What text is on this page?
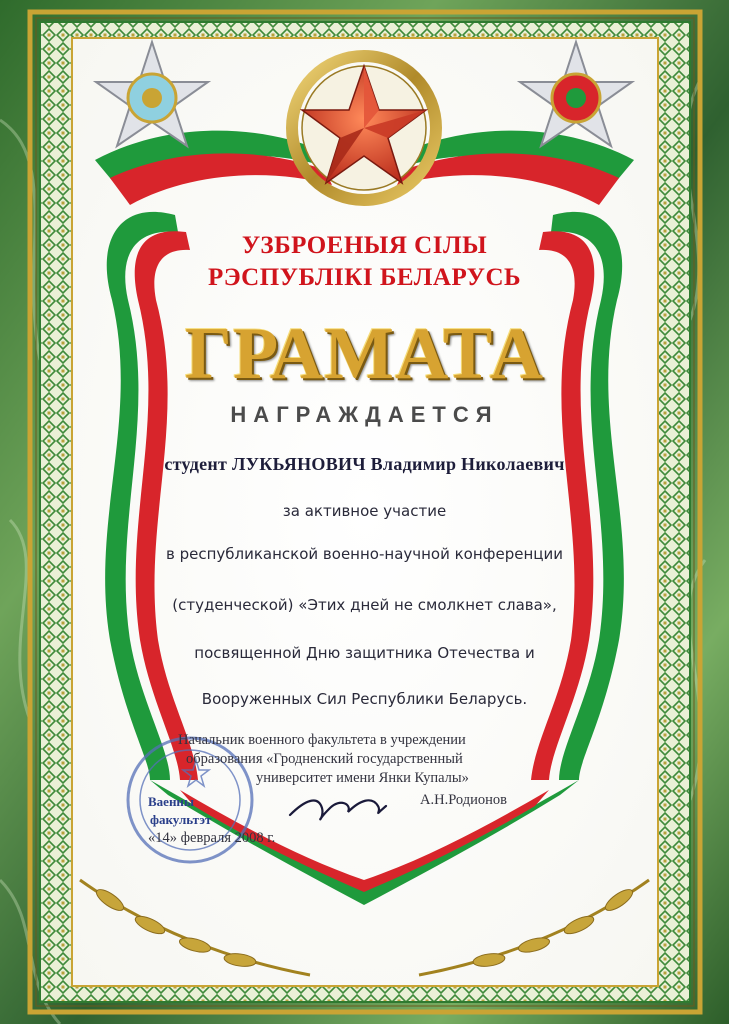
УЗБРОЕНЫЯ СІЛЫ

РЭСПУБЛІКІ БЕЛАРУСЬ

ГРАМАТА

НАГРАЖДАЕТСЯ

студент ЛУКЬЯНОВИЧ Владимир Николаевич

за активное участие

в республиканской военно-научной конференции

(студенческой) «Этих дней не смолкнет слава»,

посвященной Дню защитника Отечества и

Вооруженных Сил Республики Беларусь.

Начальник военного факультета в учреждении

образования «Гродненский государственный

университет имени Янки Купалы»

А.Н.Родионов

«14» февраля 2008 г.

Ваенны

факультэт
